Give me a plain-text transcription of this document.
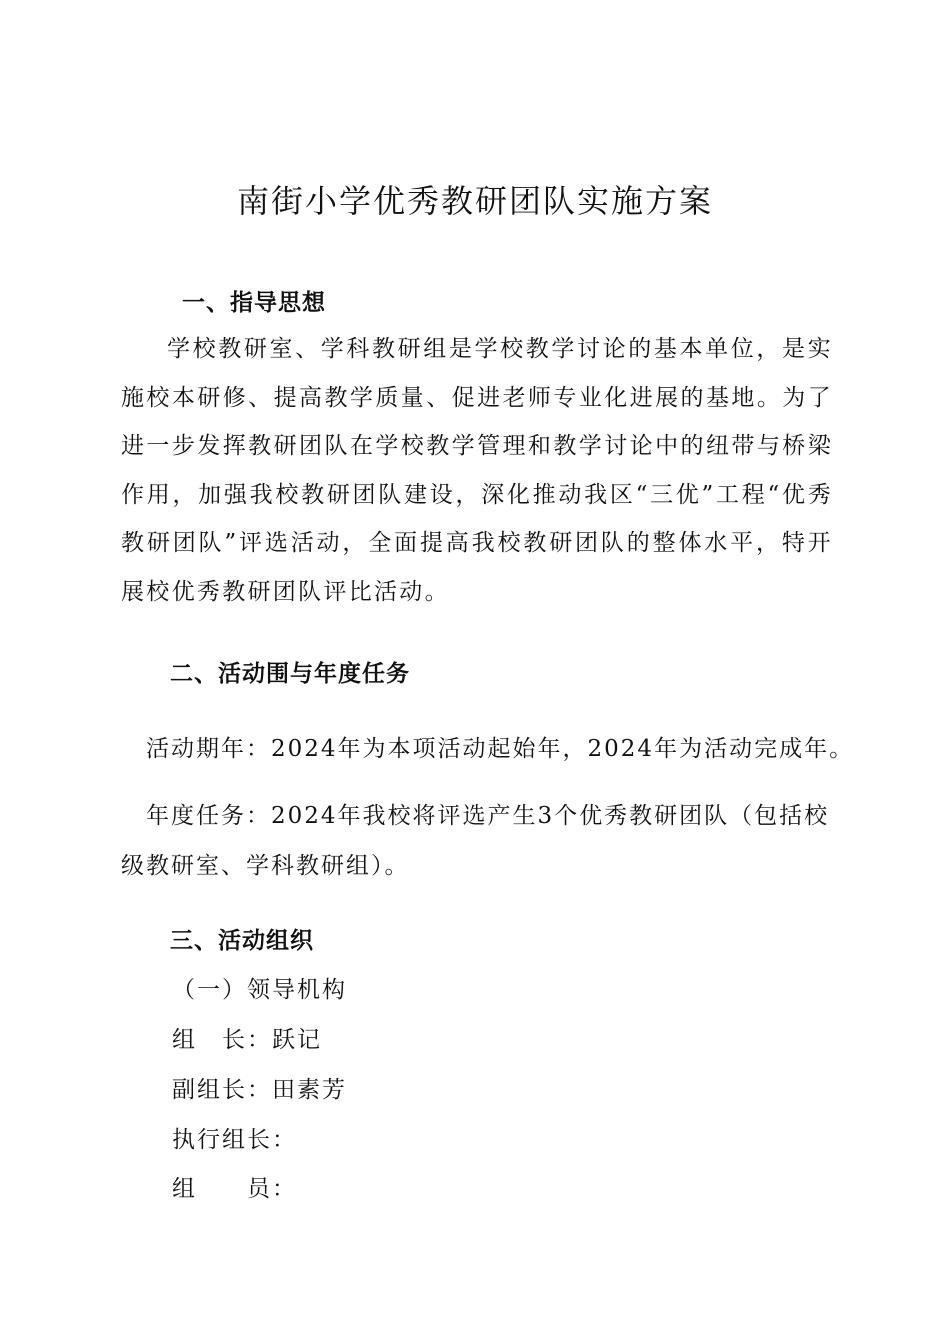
南街小学优秀教研团队实施方案
一、指导思想

学校教研室、学科教研组是学校教学讨论的基本单位，是实施校本研修、提高教学质量、促进老师专业化进展的基地。为了进一步发挥教研团队在学校教学管理和教学讨论中的纽带与桥梁作用，加强我校教研团队建设，深化推动我区“三优”工程“优秀教研团队”评选活动，全面提高我校教研团队的整体水平，特开展校优秀教研团队评比活动。

二、活动围与年度任务

活动期年：2024年为本项活动起始年，2024年为活动完成年。

年度任务：2024年我校将评选产生3个优秀教研团队（包括校级教研室、学科教研组）。

三、活动组织

（一）领导机构

组　长：跃记

副组长：田素芳

执行组长：

组　　员：
